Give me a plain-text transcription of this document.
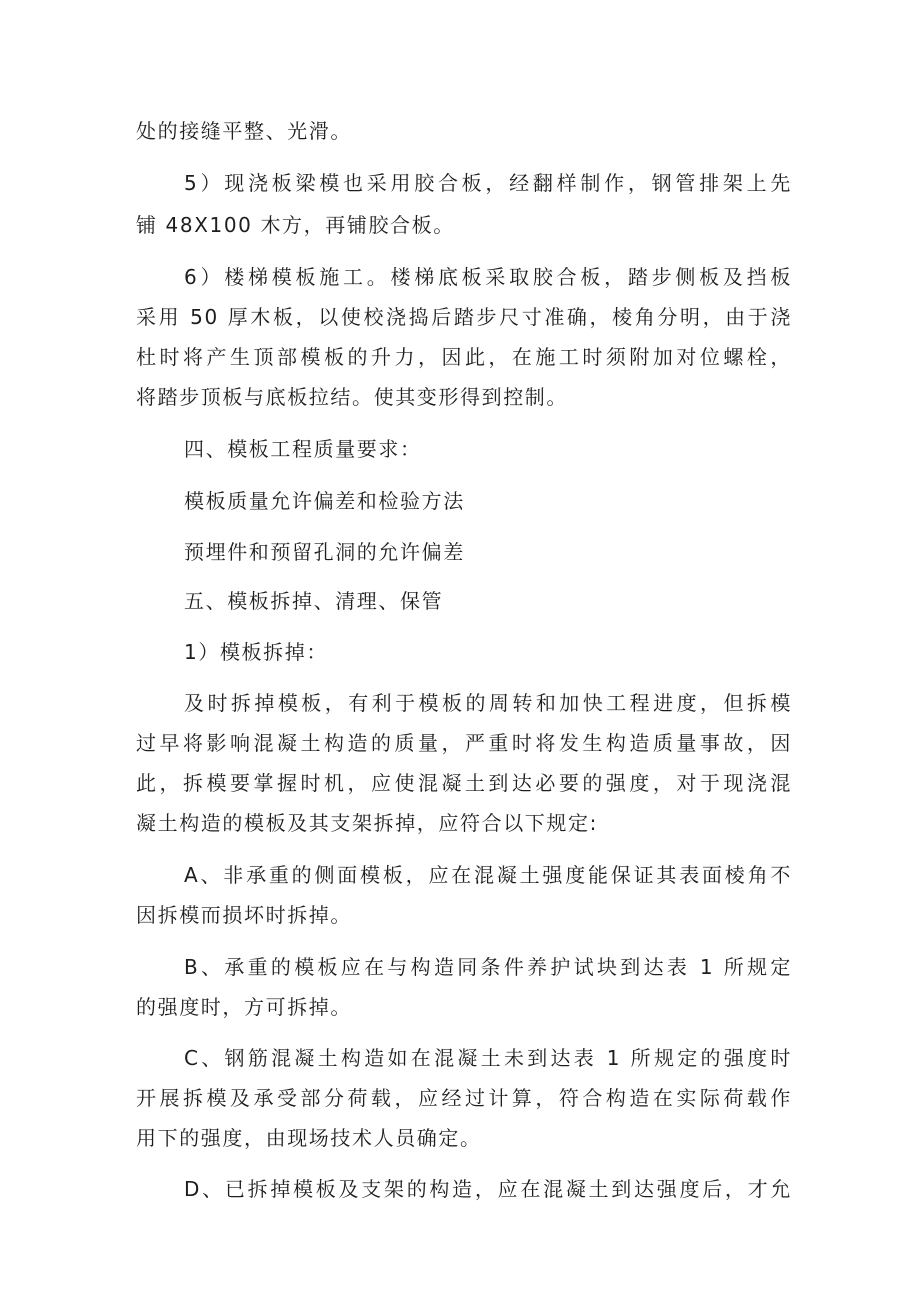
处的接缝平整、光滑。
5）现浇板梁模也采用胶合板，经翻样制作，钢管排架上先
铺 48X100 木方，再铺胶合板。
6）楼梯模板施工。楼梯底板采取胶合板，踏步侧板及挡板
采用 50 厚木板，以使校浇捣后踏步尺寸准确，棱角分明，由于浇
杜时将产生顶部模板的升力，因此，在施工时须附加对位螺栓，
将踏步顶板与底板拉结。使其变形得到控制。
四、模板工程质量要求：
模板质量允许偏差和检验方法
预埋件和预留孔洞的允许偏差
五、模板拆掉、清理、保管
1）模板拆掉：
及时拆掉模板，有利于模板的周转和加快工程进度，但拆模
过早将影响混凝土构造的质量，严重时将发生构造质量事故，因
此，拆模要掌握时机，应使混凝土到达必要的强度，对于现浇混
凝土构造的模板及其支架拆掉，应符合以下规定:
A、非承重的侧面模板，应在混凝土强度能保证其表面棱角不
因拆模而损坏时拆掉。
B、承重的模板应在与构造同条件养护试块到达表 1 所规定
的强度时，方可拆掉。
C、钢筋混凝土构造如在混凝土未到达表 1 所规定的强度时
开展拆模及承受部分荷载，应经过计算，符合构造在实际荷载作
用下的强度，由现场技术人员确定。
D、已拆掉模板及支架的构造，应在混凝土到达强度后，才允
